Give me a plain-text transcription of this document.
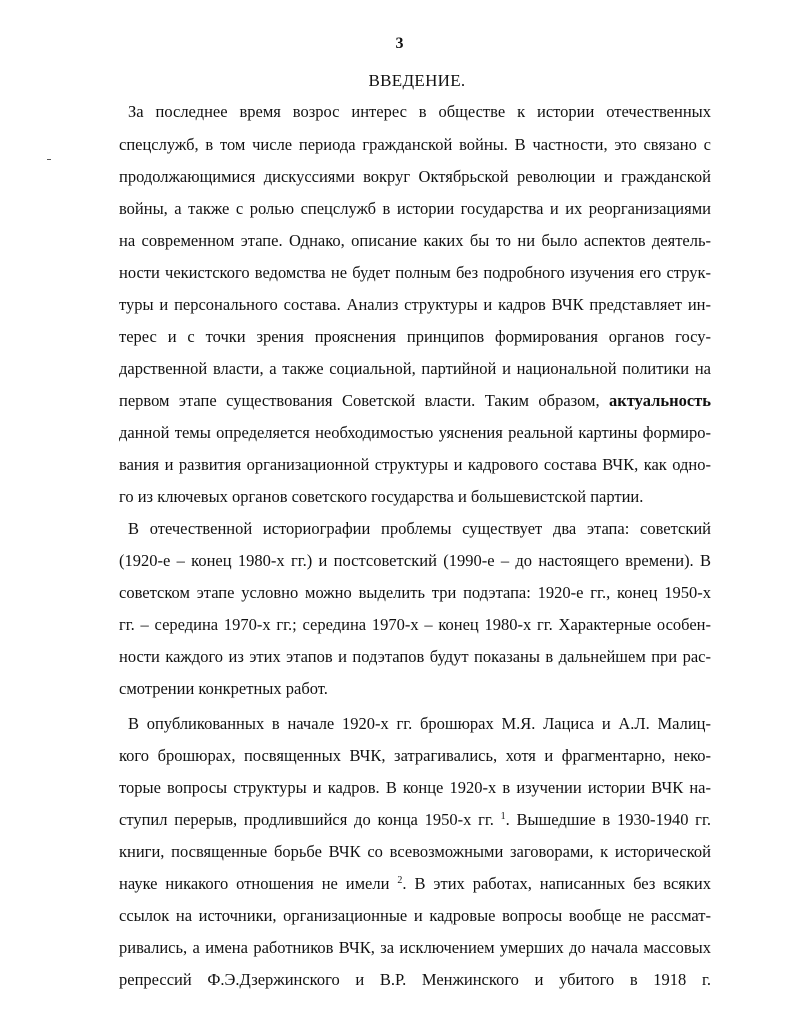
3
ВВЕДЕНИЕ.
За последнее время возрос интерес в обществе к истории отечественных
спецслужб, в том числе периода гражданской войны. В частности, это связано с
продолжающимися дискуссиями вокруг Октябрьской революции и гражданской
войны, а также с ролью спецслужб в истории государства и их реорганизациями
на современном этапе. Однако, описание каких бы то ни было аспектов деятель-
ности чекистского ведомства не будет полным без подробного изучения его струк-
туры и персонального состава. Анализ структуры и кадров ВЧК представляет ин-
терес и с точки зрения прояснения принципов формирования органов госу-
дарственной власти, а также социальной, партийной и национальной политики на
первом этапе существования Советской власти. Таким образом, актуальность
данной темы определяется необходимостью уяснения реальной картины формиро-
вания и развития организационной структуры и кадрового состава ВЧК, как одно-
го из ключевых органов советского государства и большевистской партии.
В отечественной историографии проблемы существует два этапа: советский
(1920-е – конец 1980-х гг.) и постсоветский (1990-е – до настоящего времени). В
советском этапе условно можно выделить три подэтапа: 1920-е гг., конец 1950-х
гг. – середина 1970-х гг.; середина 1970-х – конец 1980-х гг. Характерные особен-
ности каждого из этих этапов и подэтапов будут показаны в дальнейшем при рас-
смотрении конкретных работ.
В опубликованных в начале 1920-х гг. брошюрах М.Я. Лациса и А.Л. Малиц-
кого брошюрах, посвященных ВЧК, затрагивались, хотя и фрагментарно, неко-
торые вопросы структуры и кадров. В конце 1920-х в изучении истории ВЧК на-
ступил перерыв, продлившийся до конца 1950-х гг. $^1$. Вышедшие в 1930-1940 гг.
книги, посвященные борьбе ВЧК со всевозможными заговорами, к исторической
науке никакого отношения не имели $^2$. В этих работах, написанных без всяких
ссылок на источники, организационные и кадровые вопросы вообще не рассмат-
ривались, а имена работников ВЧК, за исключением умерших до начала массовых
репрессий Ф.Э.Дзержинского и В.Р. Менжинского и убитого в 1918 г.
